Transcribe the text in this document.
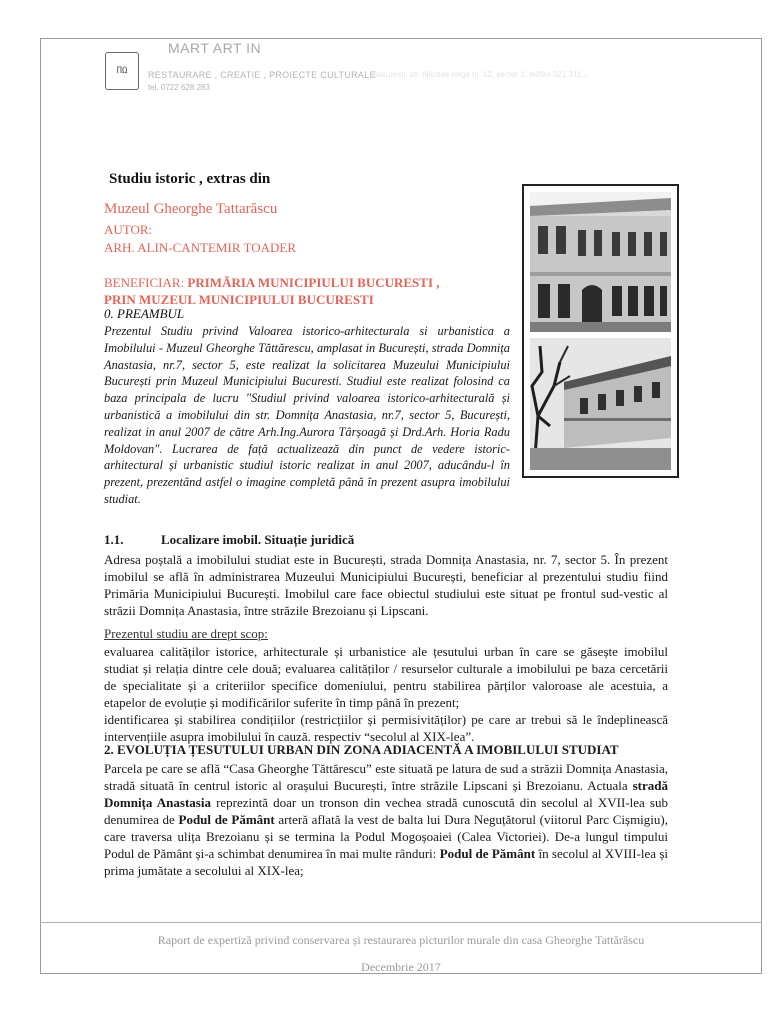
ΠΩ
MART ART IN
RESTAURARE , CREATIE , PROIECTE CULTURALE
Bucuresti, str. Nicolae Iorga nr. 12, sector 1, tel/fax 021 311...
tel. 0722 628 283
Studiu istoric , extras din
Muzeul Gheorghe Tattarăscu
AUTOR:
ARH. ALIN-CANTEMIR TOADER
BENEFICIAR: PRIMĂRIA MUNICIPIULUI BUCURESTI ,
PRIN MUZEUL MUNICIPIULUI BUCURESTI
0. PREAMBUL
Prezentul Studiu privind Valoarea istorico-arhitecturala si urbanistica a Imobilului - Muzeul Gheorghe Tăttărescu, amplasat in București, strada Domnița Anastasia, nr.7, sector 5, este realizat la solicitarea Muzeului Municipiului București prin Muzeul Municipiului Bucuresti. Studiul este realizat folosind ca baza principala de lucru "Studiul privind valoarea istorico-arhitecturală și urbanistică a imobilului din str. Domnița Anastasia, nr.7, sector 5, București, realizat in anul 2007 de către Arh.Ing.Aurora Târșoagă și Drd.Arh. Horia Radu Moldovan". Lucrarea de față actualizează din punct de vedere istoric-arhitectural și urbanistic studiul istoric realizat in anul 2007, aducându-l în prezent, prezentând astfel o imagine completă până în prezent asupra imobilului studiat.
1.1.	Localizare imobil. Situație juridică
Adresa poștală a imobilului studiat este in București, strada Domnița Anastasia, nr. 7, sector 5. În prezent imobilul se află în administrarea Muzeului Municipiului București, beneficiar al prezentului studiu fiind Primăria Municipiului București. Imobilul care face obiectul studiului este situat pe frontul sud-vestic al străzii Domnița Anastasia, între străzile Brezoianu și Lipscani.
Prezentul studiu are drept scop:
evaluarea calităților istorice, arhitecturale și urbanistice ale țesutului urban în care se găsește imobilul studiat și relația dintre cele două; evaluarea calităților / resurselor culturale a imobilului pe baza cercetării de specialitate și a criteriilor specifice domeniului, pentru stabilirea părților valoroase ale acestuia, a etapelor de evoluție și modificărilor suferite în timp până în prezent;
identificarea și stabilirea condițiilor (restricțiilor și permisivităților) pe care ar trebui să le îndeplinească intervențiile asupra imobilului în cauză. respectiv “secolul al XIX-lea”.
2. EVOLUȚIA ȚESUTULUI URBAN DIN ZONA ADIACENTĂ A IMOBILULUI STUDIAT
Parcela pe care se află “Casa Gheorghe Tăttărescu” este situată pe latura de sud a străzii Domnița Anastasia, stradă situată în centrul istoric al orașului București, între străzile Lipscani și Brezoianu. Actuala stradă Domnița Anastasia reprezintă doar un tronson din vechea stradă cunoscută din secolul al XVII-lea sub denumirea de Podul de Pământ arteră aflată la vest de balta lui Dura Neguțătorul (viitorul Parc Cișmigiu), care traversa ulița Brezoianu și se termina la Podul Mogoșoaiei (Calea Victoriei). De-a lungul timpului Podul de Pământ și-a schimbat denumirea în mai multe rânduri: Podul de Pământ în secolul al XVIII-lea și prima jumătate a secolului al XIX-lea;
Raport de expertiză privind conservarea și restaurarea picturilor murale din casa Gheorghe Tattărăscu
Decembrie 2017
